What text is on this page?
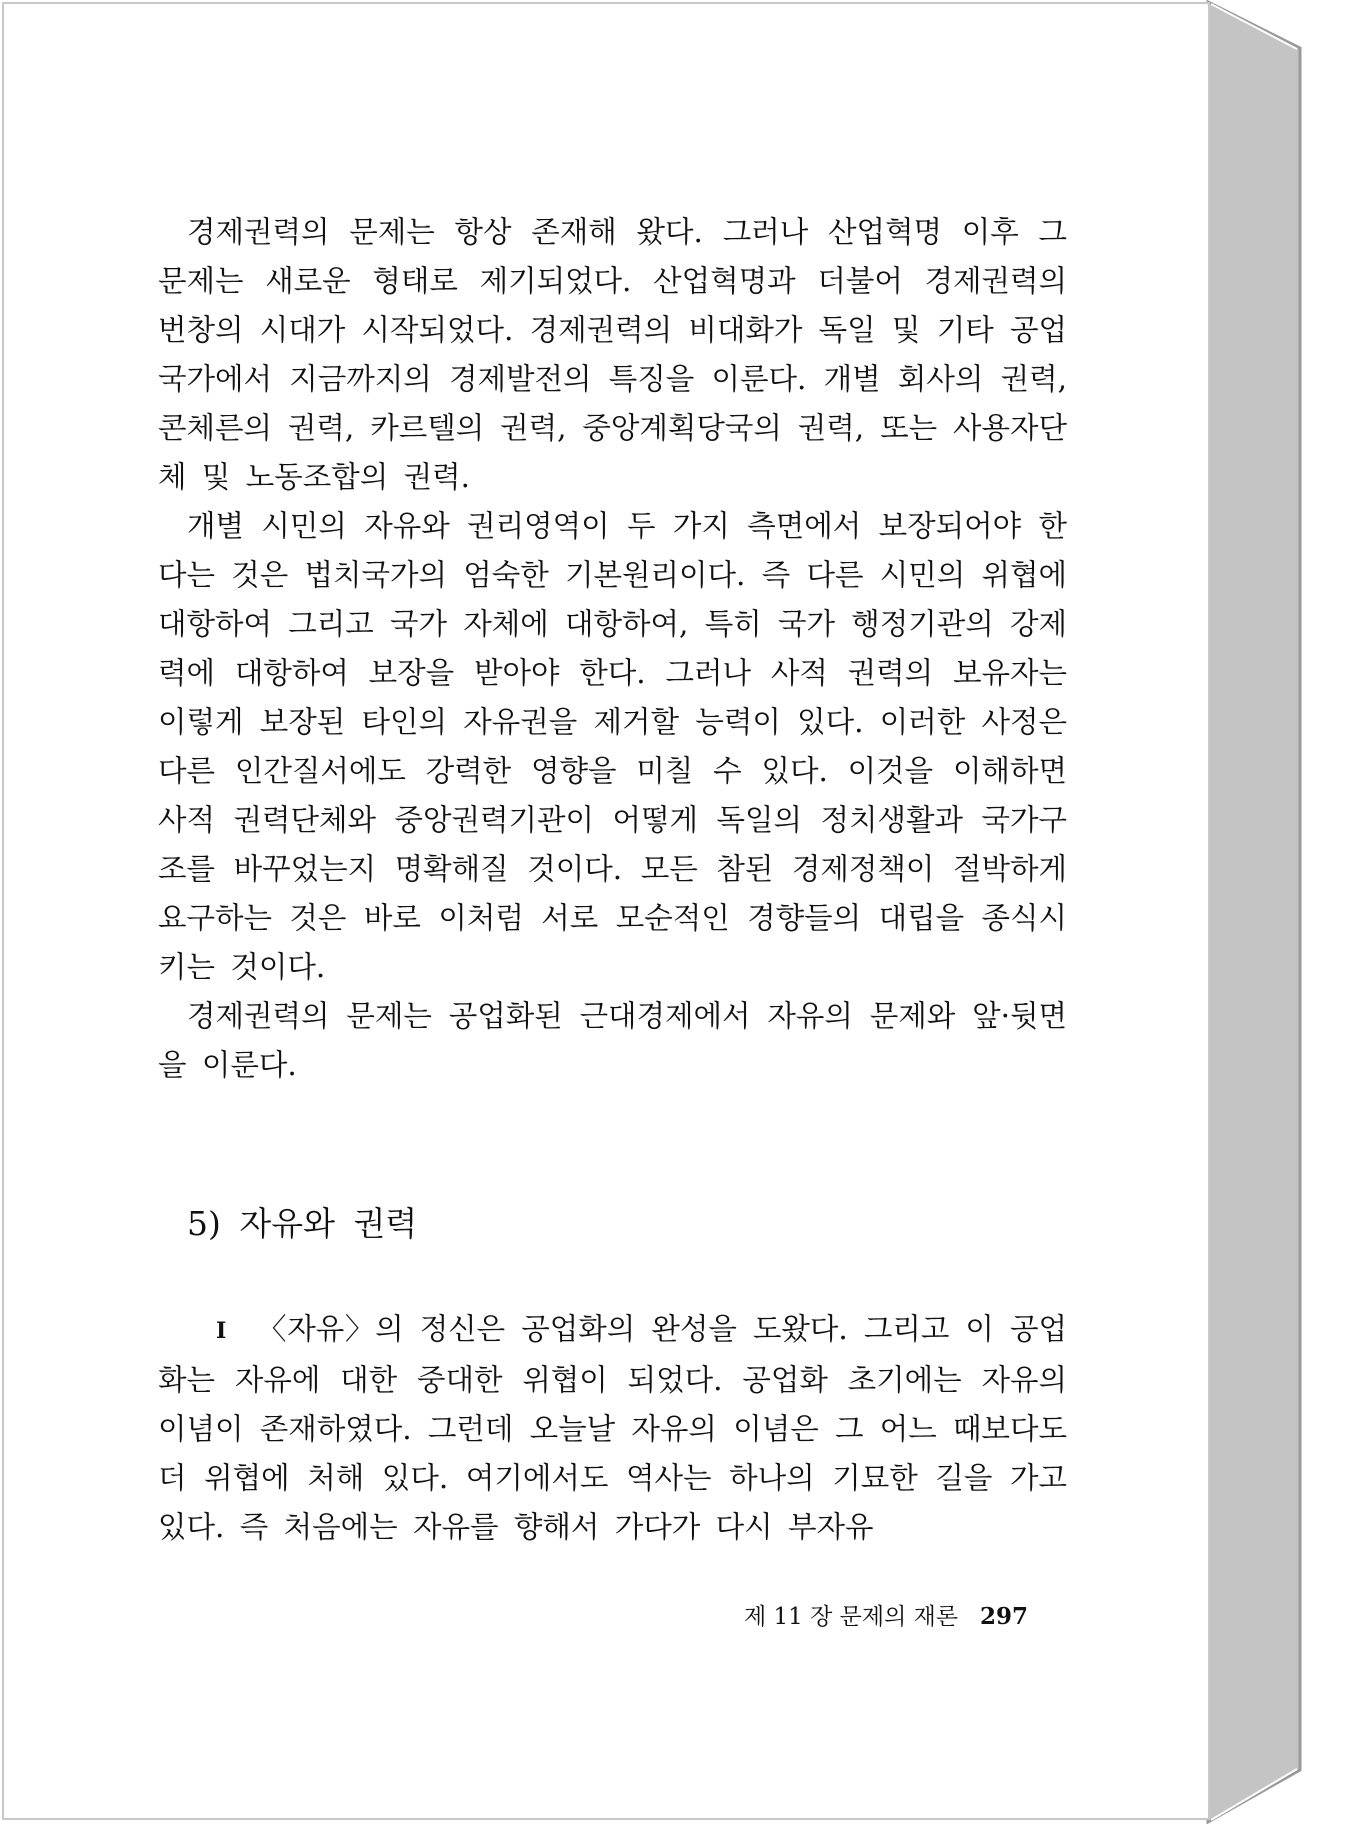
경제권력의 문제는 항상 존재해 왔다. 그러나 산업혁명 이후 그 문제는 새로운 형태로 제기되었다. 산업혁명과 더불어 경제권력의 번창의 시대가 시작되었다. 경제권력의 비대화가 독일 및 기타 공업국가에서 지금까지의 경제발전의 특징을 이룬다. 개별 회사의 권력, 콘체른의 권력, 카르텔의 권력, 중앙계획당국의 권력, 또는 사용자단체 및 노동조합의 권력.

개별 시민의 자유와 권리영역이 두 가지 측면에서 보장되어야 한다는 것은 법치국가의 엄숙한 기본원리이다. 즉 다른 시민의 위협에 대항하여 그리고 국가 자체에 대항하여, 특히 국가 행정기관의 강제력에 대항하여 보장을 받아야 한다. 그러나 사적 권력의 보유자는 이렇게 보장된 타인의 자유권을 제거할 능력이 있다. 이러한 사정은 다른 인간질서에도 강력한 영향을 미칠 수 있다. 이것을 이해하면 사적 권력단체와 중앙권력기관이 어떻게 독일의 정치생활과 국가구조를 바꾸었는지 명확해질 것이다. 모든 참된 경제정책이 절박하게 요구하는 것은 바로 이처럼 서로 모순적인 경향들의 대립을 종식시키는 것이다.

경제권력의 문제는 공업화된 근대경제에서 자유의 문제와 앞·뒷면을 이룬다.

5) 자유와 권력

I 〈자유〉의 정신은 공업화의 완성을 도왔다. 그리고 이 공업화는 자유에 대한 중대한 위협이 되었다. 공업화 초기에는 자유의 이념이 존재하였다. 그런데 오늘날 자유의 이념은 그 어느 때보다도 더 위협에 처해 있다. 여기에서도 역사는 하나의 기묘한 길을 가고 있다. 즉 처음에는 자유를 향해서 가다가 다시 부자유

제 11 장 문제의 재론 297
